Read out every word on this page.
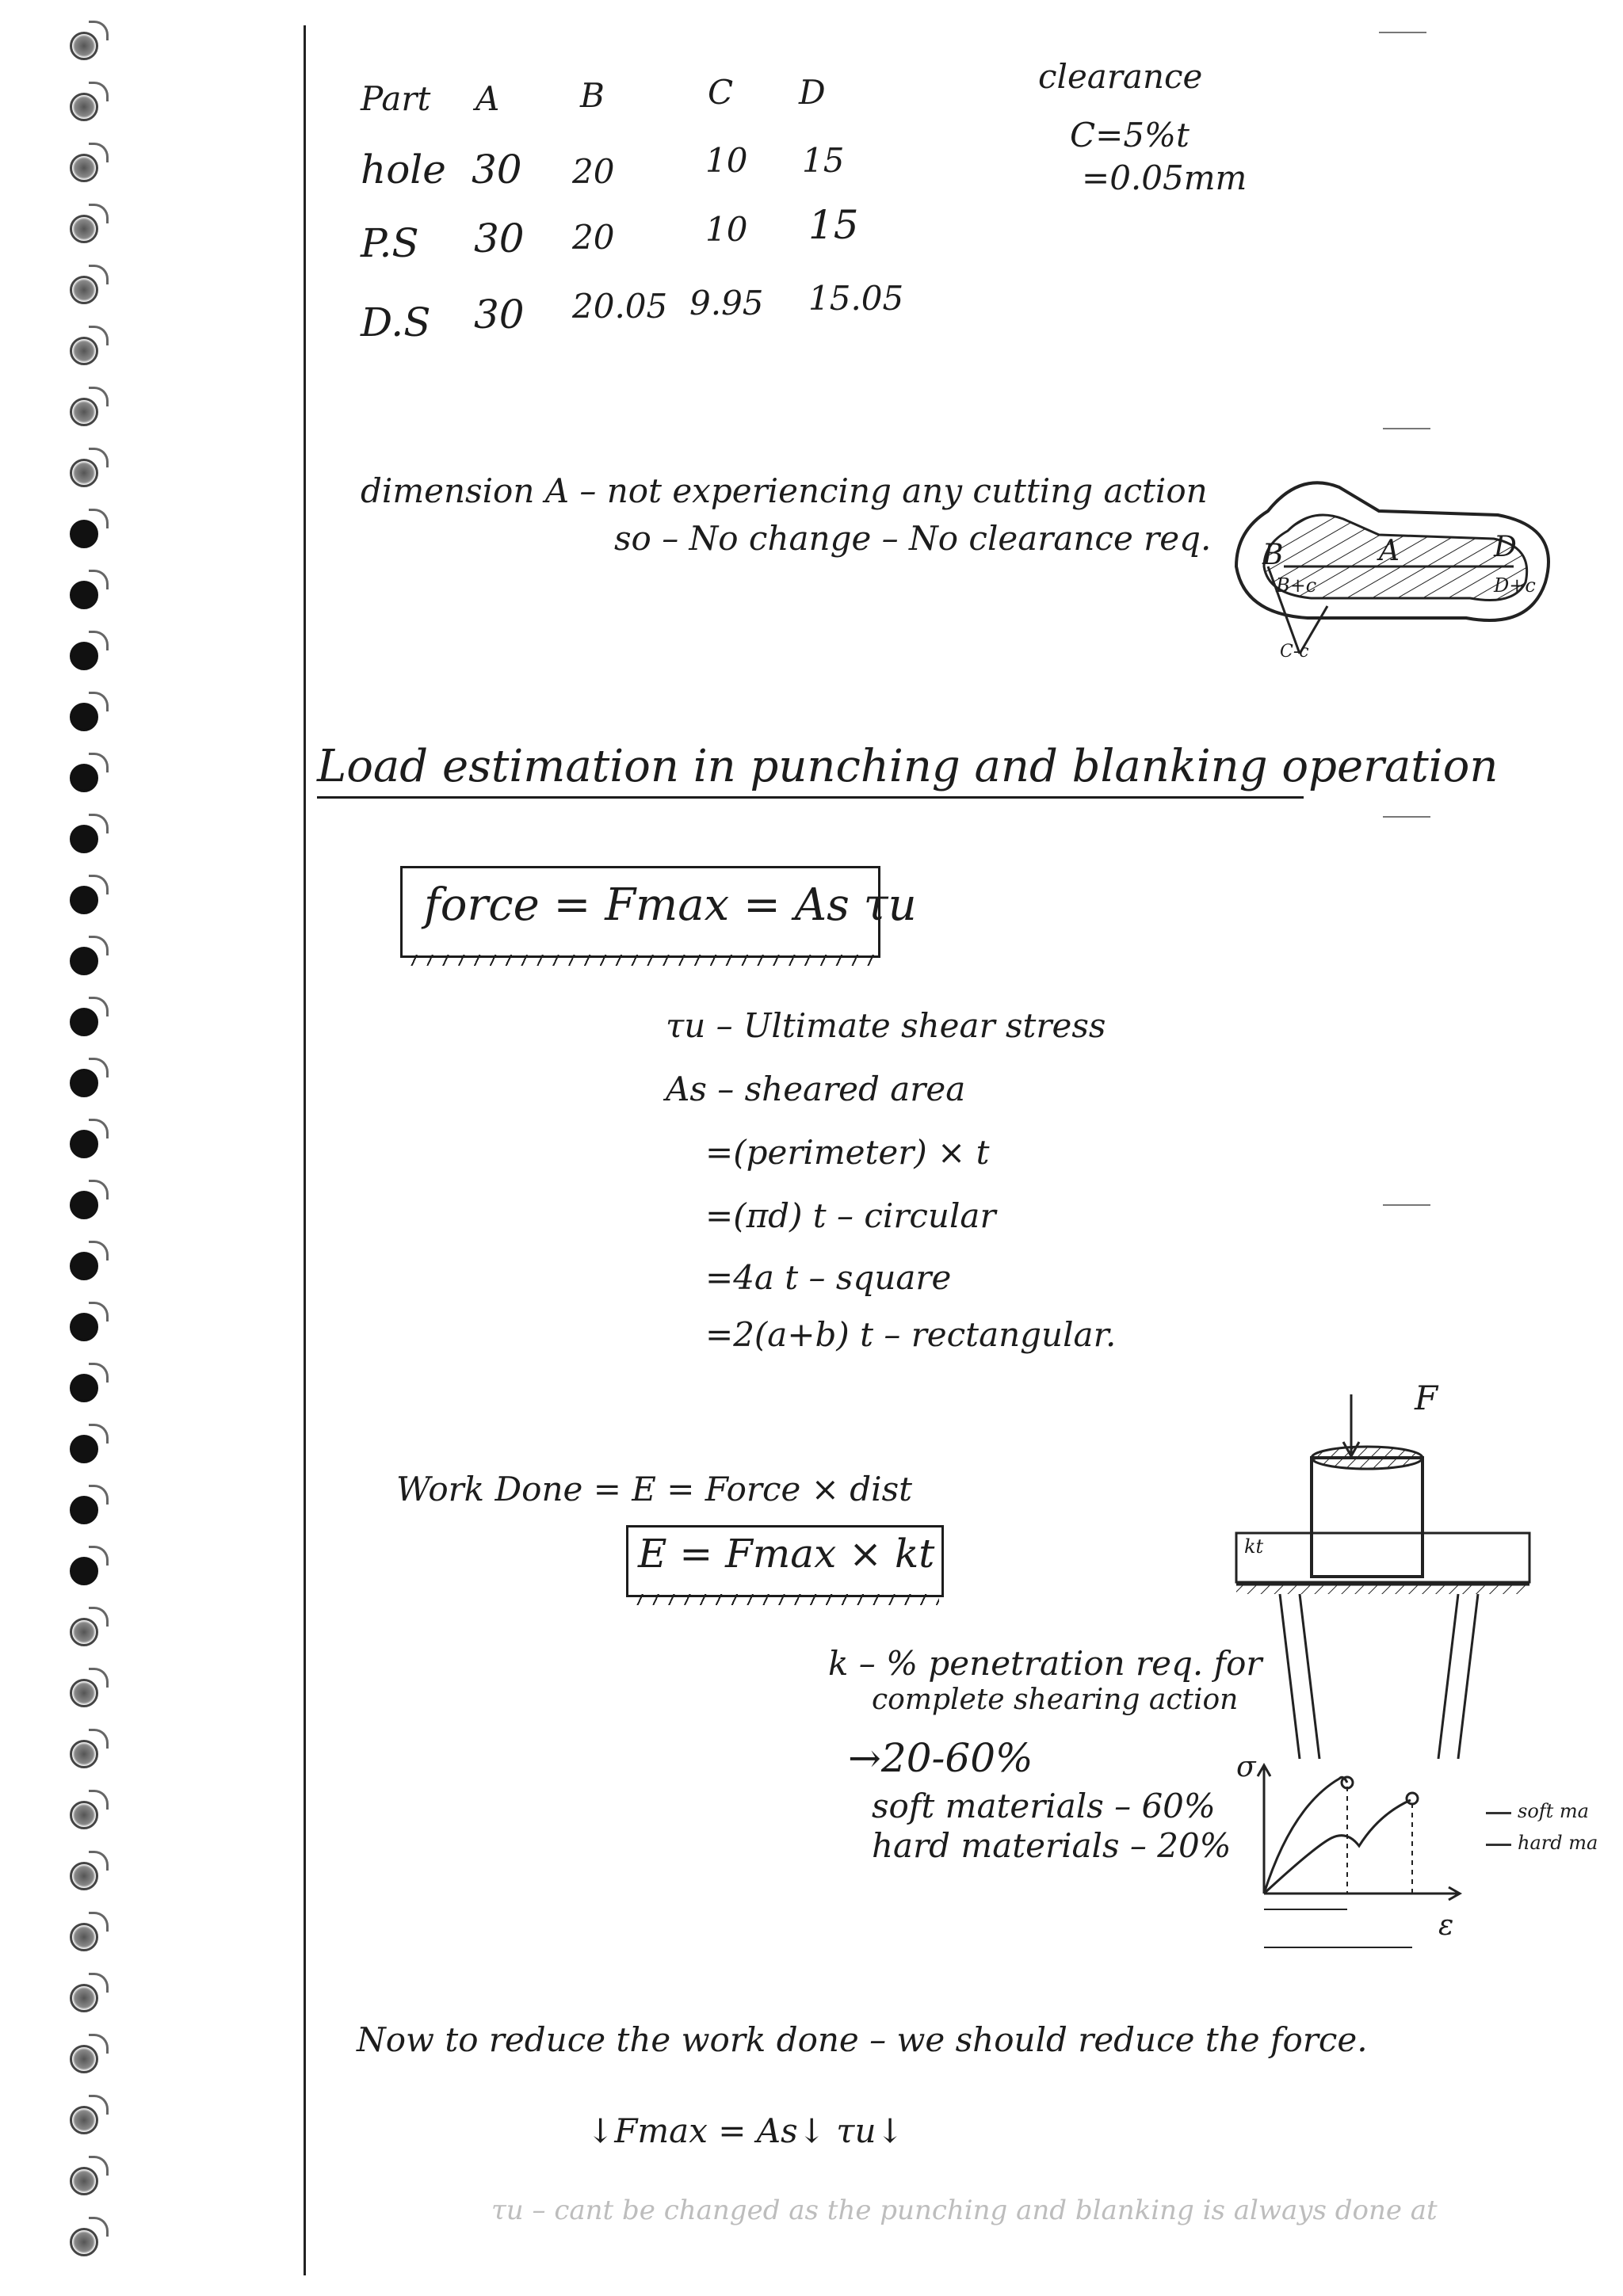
Part A B	C D
hole 30 20	10 15
P.S 30 20	10 15
D.S 30 20.05 9.95 15.05
clearance
C=5%t
=0.05mm
dimension A – not experiencing any cutting action
so – No change – No clearance req. B	A	D
B+c	D+c
C-c
Load estimation in punching and blanking operation
force = Fmax = As τu
τu – Ultimate shear stress
As – sheared area
=(perimeter) × t
=(πd) t – circular
=4a t – square
=2(a+b) t – rectangular.
Work Done = E = Force × dist
E = Fmax × kt
F
kt
k – % penetration req. for
complete shearing action
→20-60%
soft materials – 60%
hard materials – 20%
σ
ε
soft ma
hard ma
Now to reduce the work done – we should reduce the force.
↓Fmax = As↓ τu↓
τu – cant be changed as the punching and blanking is always done at
